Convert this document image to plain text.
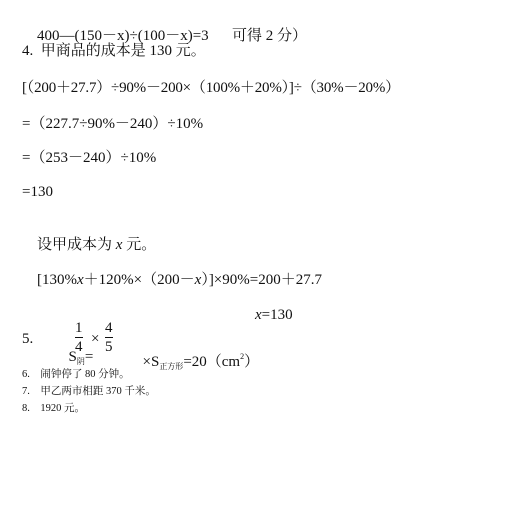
400—(150－x)÷(100－x)=3 可得 2 分）

4.  甲商品的成本是 130 元。
[（200＋27.7）÷90%－200×（100%＋20%）]÷（30%－20%）
=（227.7÷90%－240）÷10%
=（253－240）÷10%
=130

设甲成本为 x 元。

[130%x＋120%×（200－x）]×90%=200＋27.7

x=130

5.

$S_阴=$

1
4 ×
4
5

$\times S_{正方形}=20(cm^2)$

6.    闹钟停了 80 分钟。
7.    甲乙两市相距 370 千米。
8.    1920 元。
